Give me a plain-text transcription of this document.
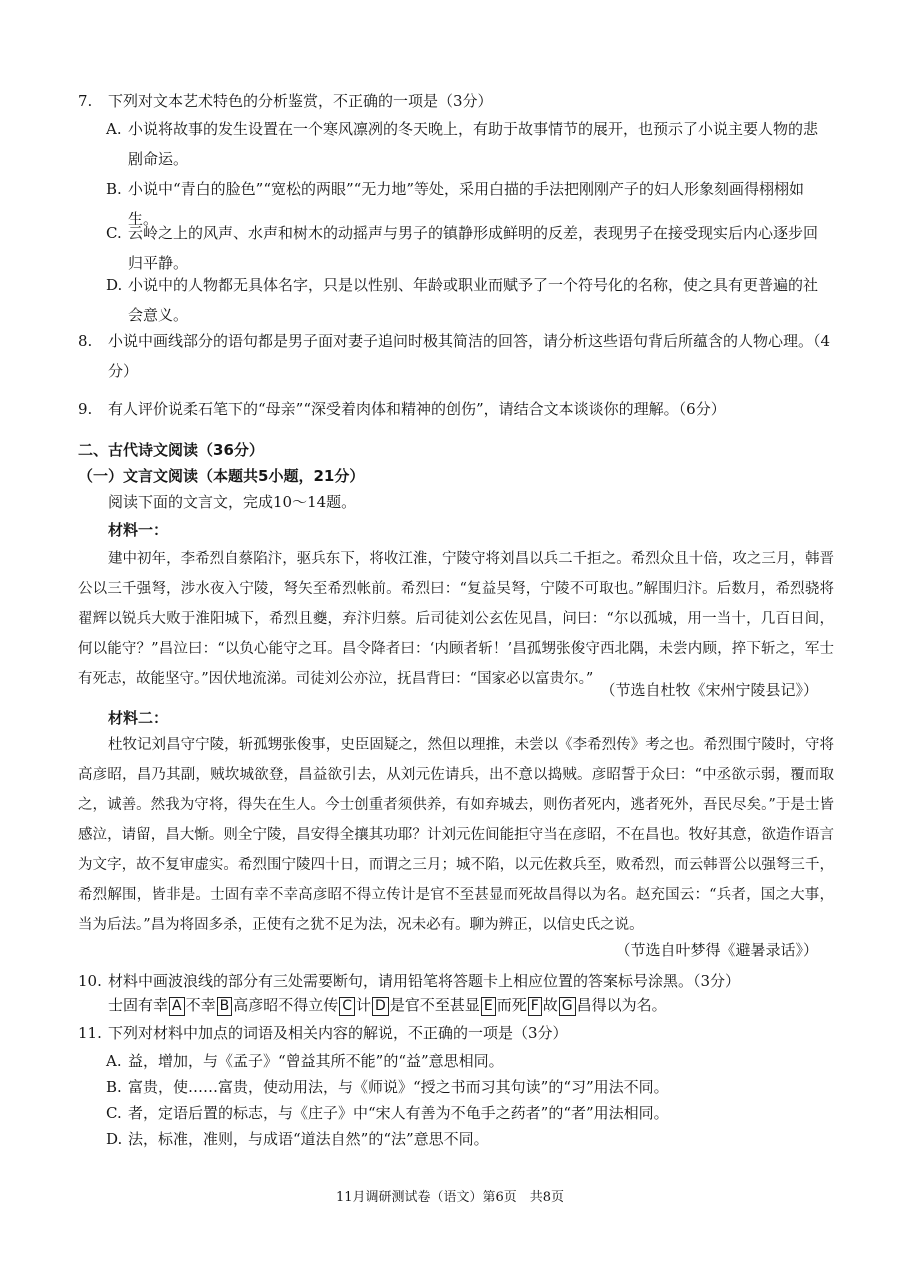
7.	下列对文本艺术特色的分析鉴赏，不正确的一项是（3分）
A. 小说将故事的发生设置在一个寒风凛冽的冬天晚上，有助于故事情节的展开，也预示了小说主要人物的悲剧命运。
B. 小说中“青白的脸色”“宽松的两眼”“无力地”等处，采用白描的手法把刚刚产子的妇人形象刻画得栩栩如生。
C. 云岭之上的风声、水声和树木的动摇声与男子的镇静形成鲜明的反差，表现男子在接受现实后内心逐步回归平静。
D. 小说中的人物都无具体名字，只是以性别、年龄或职业而赋予了一个符号化的名称，使之具有更普遍的社会意义。
8.	小说中画线部分的语句都是男子面对妻子追问时极其简洁的回答，请分析这些语句背后所蕴含的人物心理。（4分）
9.	有人评价说柔石笔下的“母亲”“深受着肉体和精神的创伤”，请结合文本谈谈你的理解。（6分）
二、古代诗文阅读（36分）
（一）文言文阅读（本题共5小题，21分）
阅读下面的文言文，完成10～14题。
材料一：
建中初年，李希烈自蔡陷汴，驱兵东下，将收江淮，宁陵守将刘昌以兵二千拒之。希烈众且十倍，攻之三月，韩晋公以三千强弩，涉水夜入宁陵，弩矢至希烈帐前。希烈曰：“复益吴弩，宁陵不可取也。”解围归汴。后数月，希烈骁将翟辉以锐兵大败于淮阳城下，希烈且夔，弃汴归蔡。后司徒刘公玄佐见昌，问曰：“尔以孤城，用一当十，几百日间，何以能守？”昌泣曰：“以负心能守之耳。昌令降者曰：‘内顾者斩！’昌孤甥张俊守西北隅，未尝内顾，捽下斩之，军士有死志，故能坚守。”因伏地流涕。司徒刘公亦泣，抚昌背曰：“国家必以富贵尔。”
（节选自杜牧《宋州宁陵县记》）
材料二：
杜牧记刘昌守宁陵，斩孤甥张俊事，史臣固疑之，然但以理推，未尝以《李希烈传》考之也。希烈围宁陵时，守将高彦昭，昌乃其副，贼坎城欲登，昌益欲引去，从刘元佐请兵，出不意以捣贼。彦昭誓于众曰：“中丞欲示弱，覆而取之，诚善。然我为守将，得失在生人。今士创重者须供养，有如弃城去，则伤者死内，逃者死外，吾民尽矣。”于是士皆感泣，请留，昌大惭。则全宁陵，昌安得全攘其功耶？计刘元佐间能拒守当在彦昭，不在昌也。牧好其意，欲造作语言为文字，故不复审虚实。希烈围宁陵四十日，而谓之三月；城不陷，以元佐救兵至，败希烈，而云韩晋公以强弩三千，希烈解围，皆非是。士固有幸不幸高彦昭不得立传计是官不至甚显而死故昌得以为名。赵充国云：“兵者，国之大事，当为后法。”昌为将固多杀，正使有之犹不足为法，况未必有。聊为辨正，以信史氏之说。
（节选自叶梦得《避暑录话》）
10. 材料中画波浪线的部分有三处需要断句，请用铅笔将答题卡上相应位置的答案标号涂黑。（3分）
士固有幸 A 不幸 B 高彦昭不得立传 C 计 D 是官不至甚显 E 而死 F 故 G 昌得以为名。
11. 下列对材料中加点的词语及相关内容的解说，不正确的一项是（3分）
A. 益，增加，与《孟子》“曾益其所不能”的“益”意思相同。
B. 富贵，使……富贵，使动用法，与《师说》“授之书而习其句读”的“习”用法不同。
C. 者，定语后置的标志，与《庄子》中“宋人有善为不龟手之药者”的“者”用法相同。
D. 法，标准，准则，与成语“道法自然”的“法”意思不同。
11月调研测试卷（语文）第6页　共8页
